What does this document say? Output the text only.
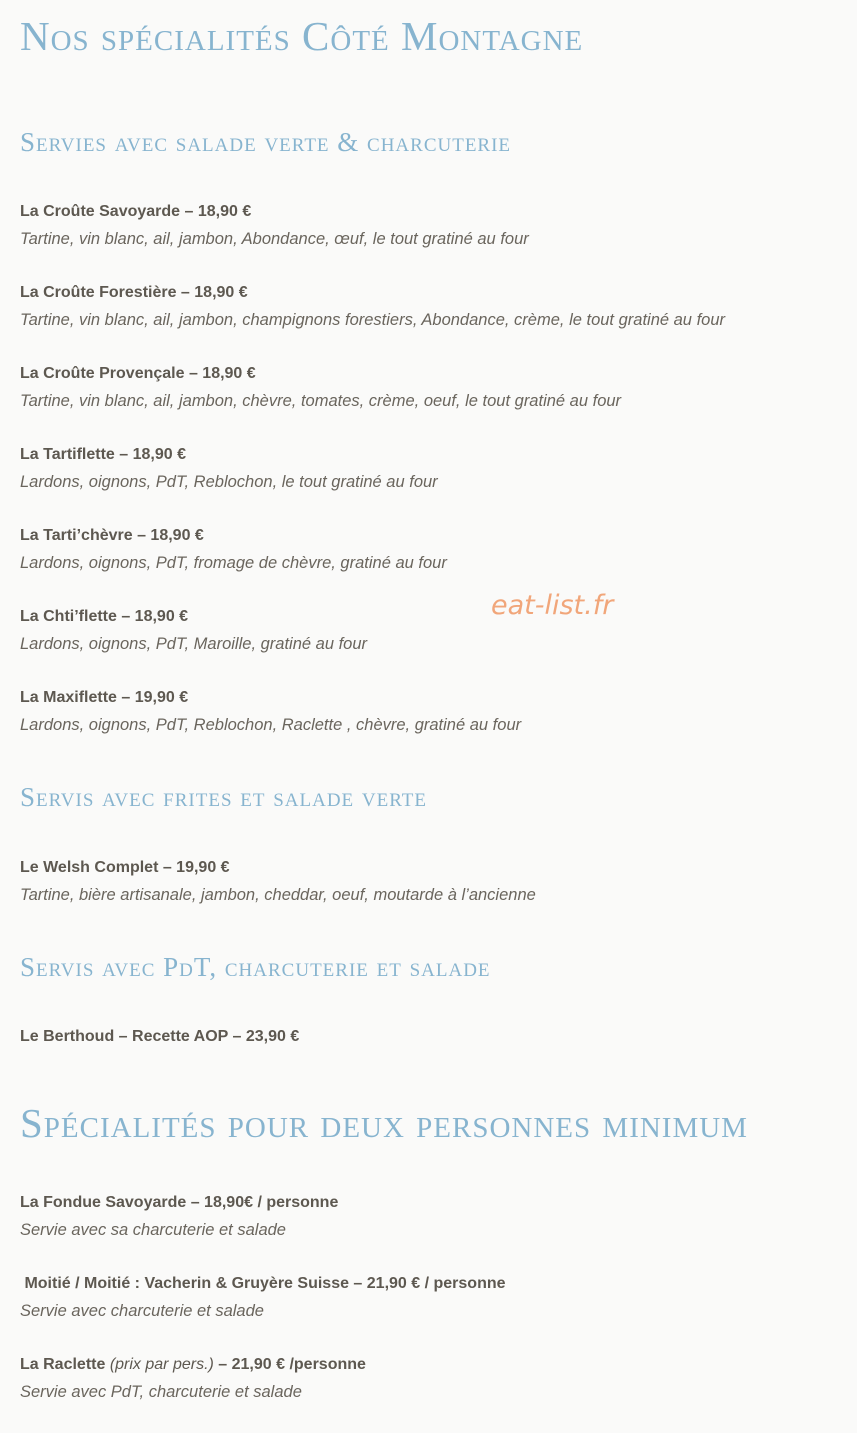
Nos spécialités Côté Montagne
Servies avec salade verte & charcuterie
La Croûte Savoyarde – 18,90 €
Tartine, vin blanc, ail, jambon, Abondance, œuf, le tout gratiné au four
La Croûte Forestière – 18,90 €
Tartine, vin blanc, ail, jambon, champignons forestiers, Abondance, crème, le tout gratiné au four
La Croûte Provençale – 18,90 €
Tartine, vin blanc, ail, jambon, chèvre, tomates, crème, oeuf, le tout gratiné au four
La Tartiflette – 18,90 €
Lardons, oignons, PdT, Reblochon, le tout gratiné au four
La Tarti’chèvre – 18,90 €
Lardons, oignons, PdT, fromage de chèvre, gratiné au four
La Chti’flette – 18,90 €
Lardons, oignons, PdT, Maroille, gratiné au four
La Maxiflette – 19,90 €
Lardons, oignons, PdT, Reblochon, Raclette , chèvre, gratiné au four
Servis avec frites et salade verte
Le Welsh Complet – 19,90 €
Tartine, bière artisanale, jambon, cheddar, oeuf, moutarde à l’ancienne
Servis avec PdT, charcuterie et salade
Le Berthoud – Recette AOP – 23,90 €
Spécialités pour deux personnes minimum
La Fondue Savoyarde – 18,90€ / personne
Servie avec sa charcuterie et salade
Moitié / Moitié : Vacherin & Gruyère Suisse – 21,90 € / personne
Servie avec charcuterie et salade
La Raclette (prix par pers.) – 21,90 € /personne
Servie avec PdT, charcuterie et salade
eat-list.fr
